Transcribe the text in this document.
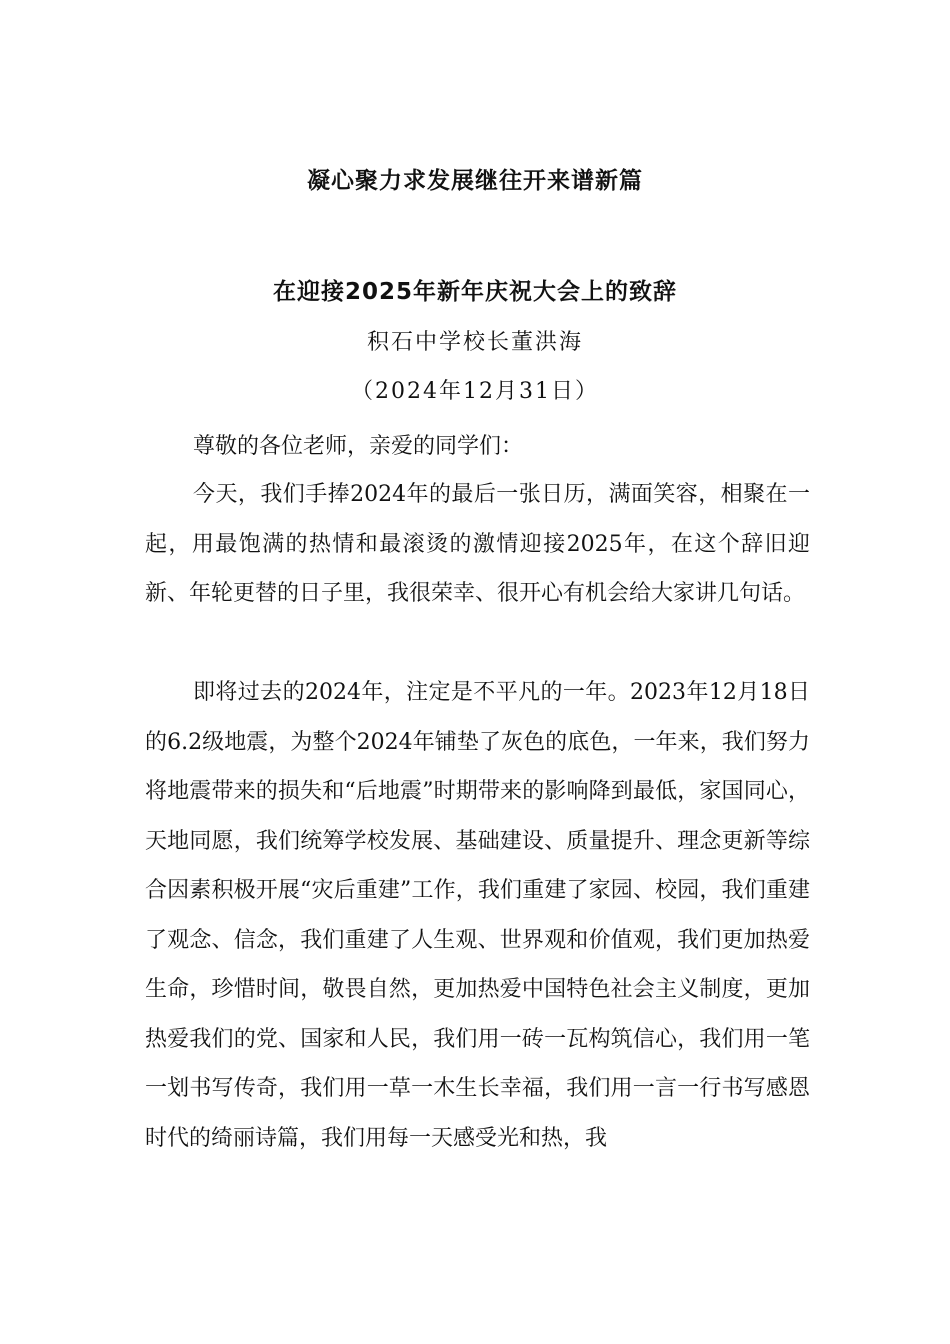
凝心聚力求发展继往开来谱新篇
在迎接2025年新年庆祝大会上的致辞
积石中学校长董洪海
（2024年12月31日）
尊敬的各位老师，亲爱的同学们：
今天，我们手捧2024年的最后一张日历，满面笑容，相聚在一起，用最饱满的热情和最滚烫的激情迎接2025年，在这个辞旧迎新、年轮更替的日子里，我很荣幸、很开心有机会给大家讲几句话。
即将过去的2024年，注定是不平凡的一年。2023年12月18日的6.2级地震，为整个2024年铺垫了灰色的底色，一年来，我们努力将地震带来的损失和“后地震”时期带来的影响降到最低，家国同心，天地同愿，我们统筹学校发展、基础建设、质量提升、理念更新等综合因素积极开展“灾后重建”工作，我们重建了家园、校园，我们重建了观念、信念，我们重建了人生观、世界观和价值观，我们更加热爱生命，珍惜时间，敬畏自然，更加热爱中国特色社会主义制度，更加热爱我们的党、国家和人民，我们用一砖一瓦构筑信心，我们用一笔一划书写传奇，我们用一草一木生长幸福，我们用一言一行书写感恩时代的绮丽诗篇，我们用每一天感受光和热，我
